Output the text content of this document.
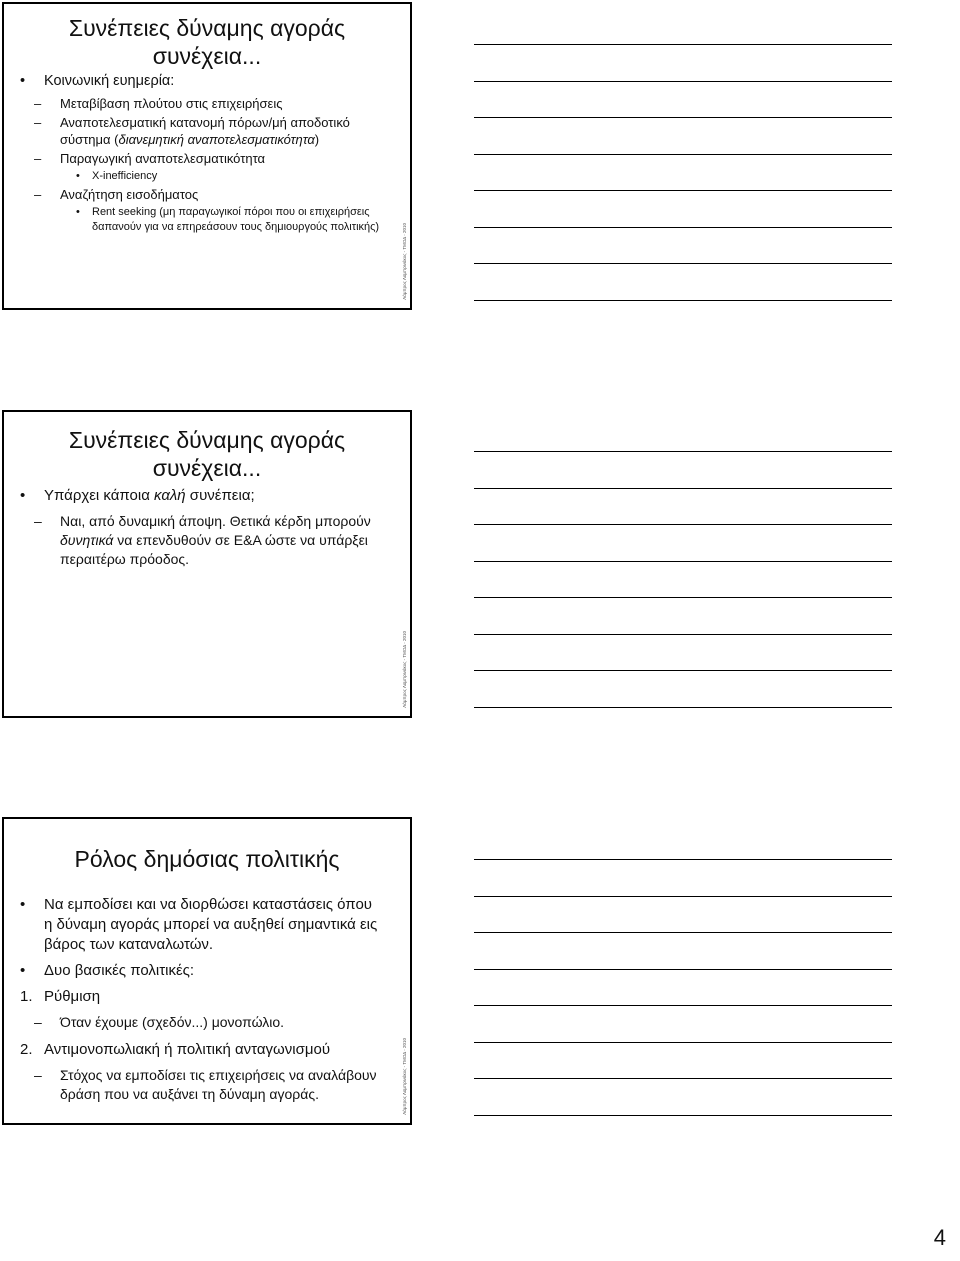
Συνέπειες δύναμης αγοράς συνέχεια...
• Κοινωνική ευημερία:
– Μεταβίβαση πλούτου στις επιχειρήσεις
– Αναποτελεσματική κατανομή πόρων/μή αποδοτικό σύστημα (διανεμητική αναποτελεσματικότητα)
– Παραγωγική αναποτελεσματικότητα
• X-inefficiency
– Αναζήτηση εισοδήματος
• Rent seeking (μη παραγωγικοί πόροι που οι επιχειρήσεις δαπανούν για να επηρεάσουν τους δημιουργούς πολιτικής)	Λάμπρος Λαμπρινάκος - ΤΜΟΔ - 2010
Συνέπειες δύναμης αγοράς συνέχεια...
• Υπάρχει κάποια καλή συνέπεια;
– Ναι, από δυναμική άποψη. Θετικά κέρδη μπορούν δυνητικά να επενδυθούν σε Ε&Α ώστε να υπάρξει περαιτέρω πρόοδος.
Λάμπρος Λαμπρινάκος - ΤΜΟΔ - 2010
Ρόλος δημόσιας πολιτικής
• Να εμποδίσει και να διορθώσει καταστάσεις όπου η δύναμη αγοράς μπορεί να αυξηθεί σημαντικά εις βάρος των καταναλωτών.
• Δυο βασικές πολιτικές:
1. Ρύθμιση
– Όταν έχουμε (σχεδόν...) μονοπώλιο.
2. Αντιμονοπωλιακή ή πολιτική ανταγωνισμού
– Στόχος να εμποδίσει τις επιχειρήσεις να αναλάβουν δράση που να αυξάνει τη δύναμη αγοράς.	Λάμπρος Λαμπρινάκος - ΤΜΟΔ - 2010
4
